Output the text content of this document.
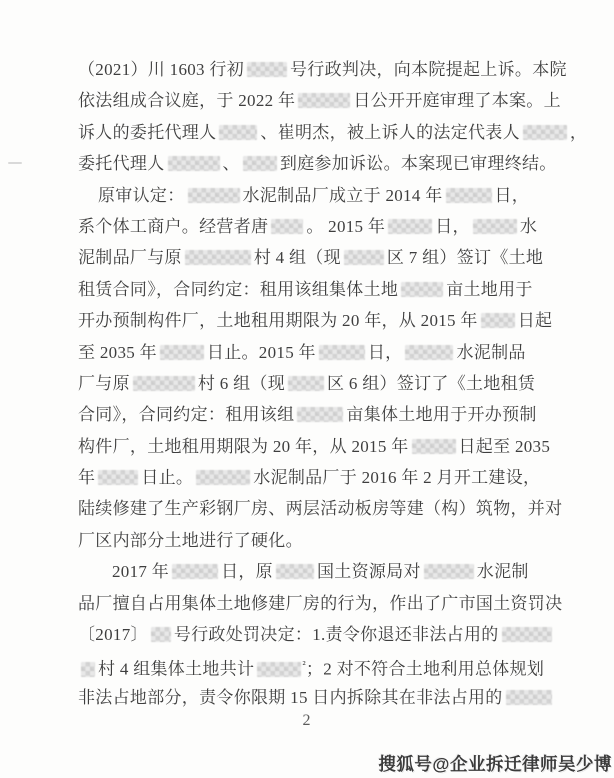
（2021）川 1603 行初	号行政判决，向本院提起上诉。本院
依法组成合议庭，于 2022 年	日公开开庭审理了本案。上
诉人的委托代理人	、崔明杰，被上诉人的法定代表人	，
委托代理人	、 到庭参加诉讼。本案现已审理终结。
原审认定：	水泥制品厂成立于 2014 年	日，
系个体工商户。经营者唐 。 2015 年	日，	水
泥制品厂与原	村 4 组（现	区 7 组）签订《土地
租赁合同》，合同约定：租用该组集体土地	亩土地用于
开办预制构件厂，土地租用期限为 20 年，从 2015 年 日起
至 2035 年	日止。2015 年	日，	水泥制品
厂与原	村 6 组（现 区 6 组）签订了《土地租赁
合同》，合同约定：租用该组	亩集体土地用于开办预制
构件厂，土地租用期限为 20 年，从 2015 年	日起至 2035
年	日止。	水泥制品厂于 2016 年 2 月开工建设，
陆续修建了生产彩钢厂房、两层活动板房等建（构）筑物，并对
厂区内部分土地进行了硬化。
2017 年	日，原	国土资源局对	水泥制
品厂擅自占用集体土地修建厂房的行为，作出了广市国土资罚决
〔2017〕 号行政处罚决定：1.责令你退还非法占用的
村 4 组集体土地共计	$^{^2}$；2 对不符合土地利用总体规划
非法占地部分，责令你限期 15 日内拆除其在非法占用的
2
搜狐号@企业拆迁律师吴少博
